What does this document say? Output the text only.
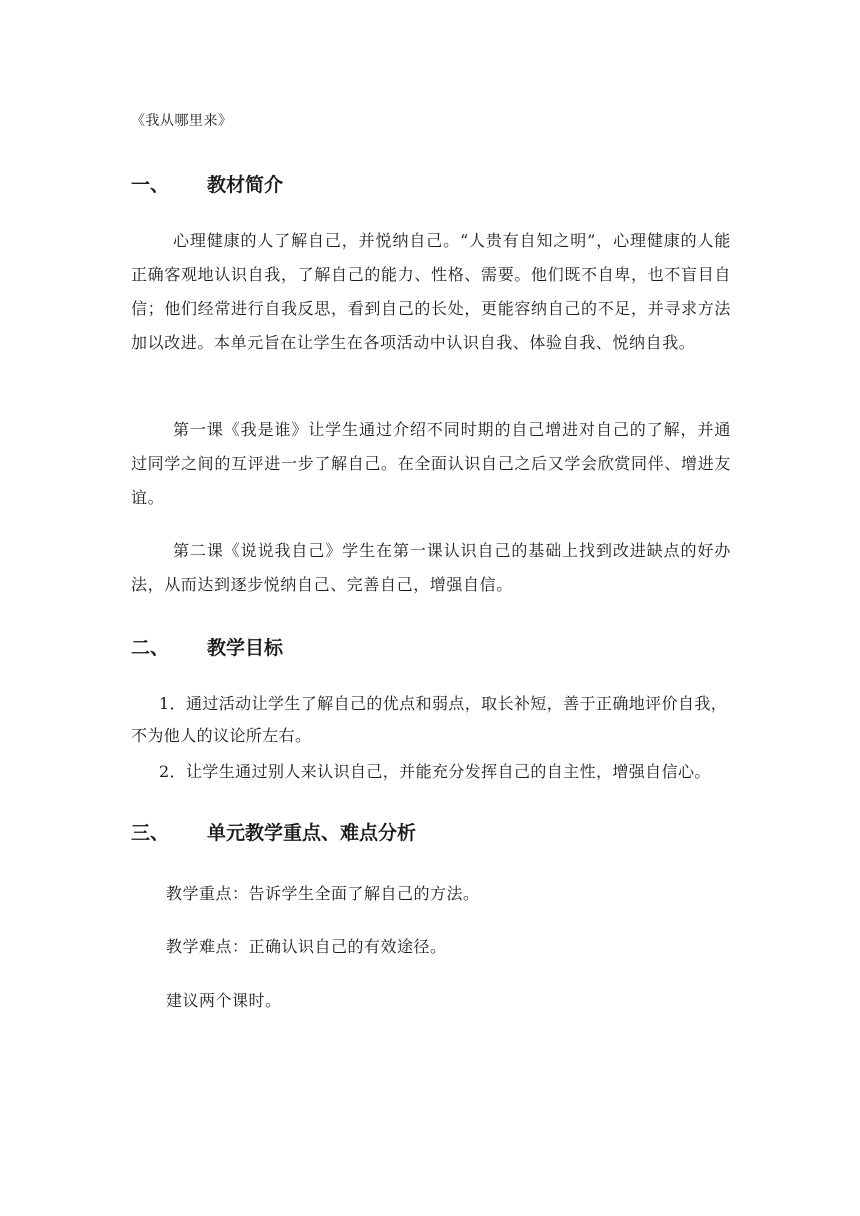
《我从哪里来》
一、 教材简介

心理健康的人了解自己，并悦纳自己。“人贵有自知之明”，心理健康的人能正确客观地认识自我，了解自己的能力、性格、需要。他们既不自卑，也不盲目自信；他们经常进行自我反思，看到自己的长处，更能容纳自己的不足，并寻求方法加以改进。本单元旨在让学生在各项活动中认识自我、体验自我、悦纳自我。

第一课《我是谁》让学生通过介绍不同时期的自己增进对自己的了解，并通过同学之间的互评进一步了解自己。在全面认识自己之后又学会欣赏同伴、增进友谊。

第二课《说说我自己》学生在第一课认识自己的基础上找到改进缺点的好办法，从而达到逐步悦纳自己、完善自己，增强自信。

二、 教学目标

1．通过活动让学生了解自己的优点和弱点，取长补短，善于正确地评价自我，不为他人的议论所左右。

2．让学生通过别人来认识自己，并能充分发挥自己的自主性，增强自信心。

三、 单元教学重点、难点分析
教学重点：告诉学生全面了解自己的方法。
教学难点：正确认识自己的有效途径。
建议两个课时。
